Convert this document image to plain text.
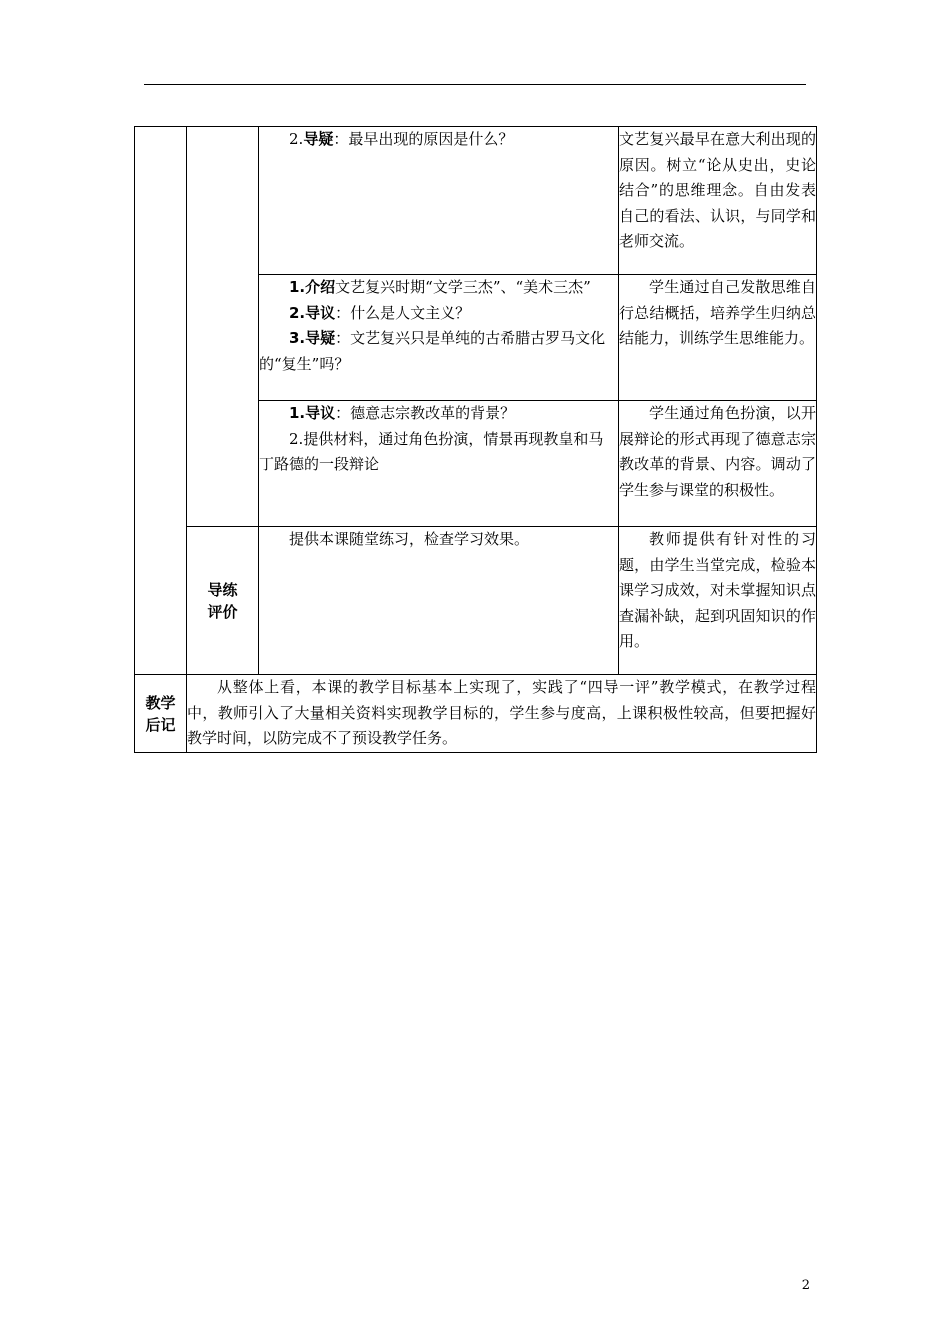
		2.导疑：最早出现的原因是什么？	文艺复兴最早在意大利出现的原因。树立“论从史出，史论结合”的思维理念。自由发表自己的看法、认识，与同学和老师交流。

		1.介绍文艺复兴时期“文学三杰”、“美术三杰”

2.导议：什么是人文主义？

3.导疑：文艺复兴只是单纯的古希腊古罗马文化的“复生”吗？	学生通过自己发散思维自行总结概括，培养学生归纳总结能力，训练学生思维能力。

		1.导议：德意志宗教改革的背景？

2.提供材料，通过角色扮演，情景再现教皇和马丁路德的一段辩论	学生通过角色扮演，以开展辩论的形式再现了德意志宗教改革的背景、内容。调动了学生参与课堂的积极性。

	导练
评价	提供本课随堂练习，检查学习效果。	教师提供有针对性的习题，由学生当堂完成，检验本课学习成效，对未掌握知识点查漏补缺，起到巩固知识的作用。

教学
后记	从整体上看，本课的教学目标基本上实现了，实践了“四导一评”教学模式，在教学过程中，教师引入了大量相关资料实现教学目标的，学生参与度高，上课积极性较高，但要把握好教学时间，以防完成不了预设教学任务。		
2
